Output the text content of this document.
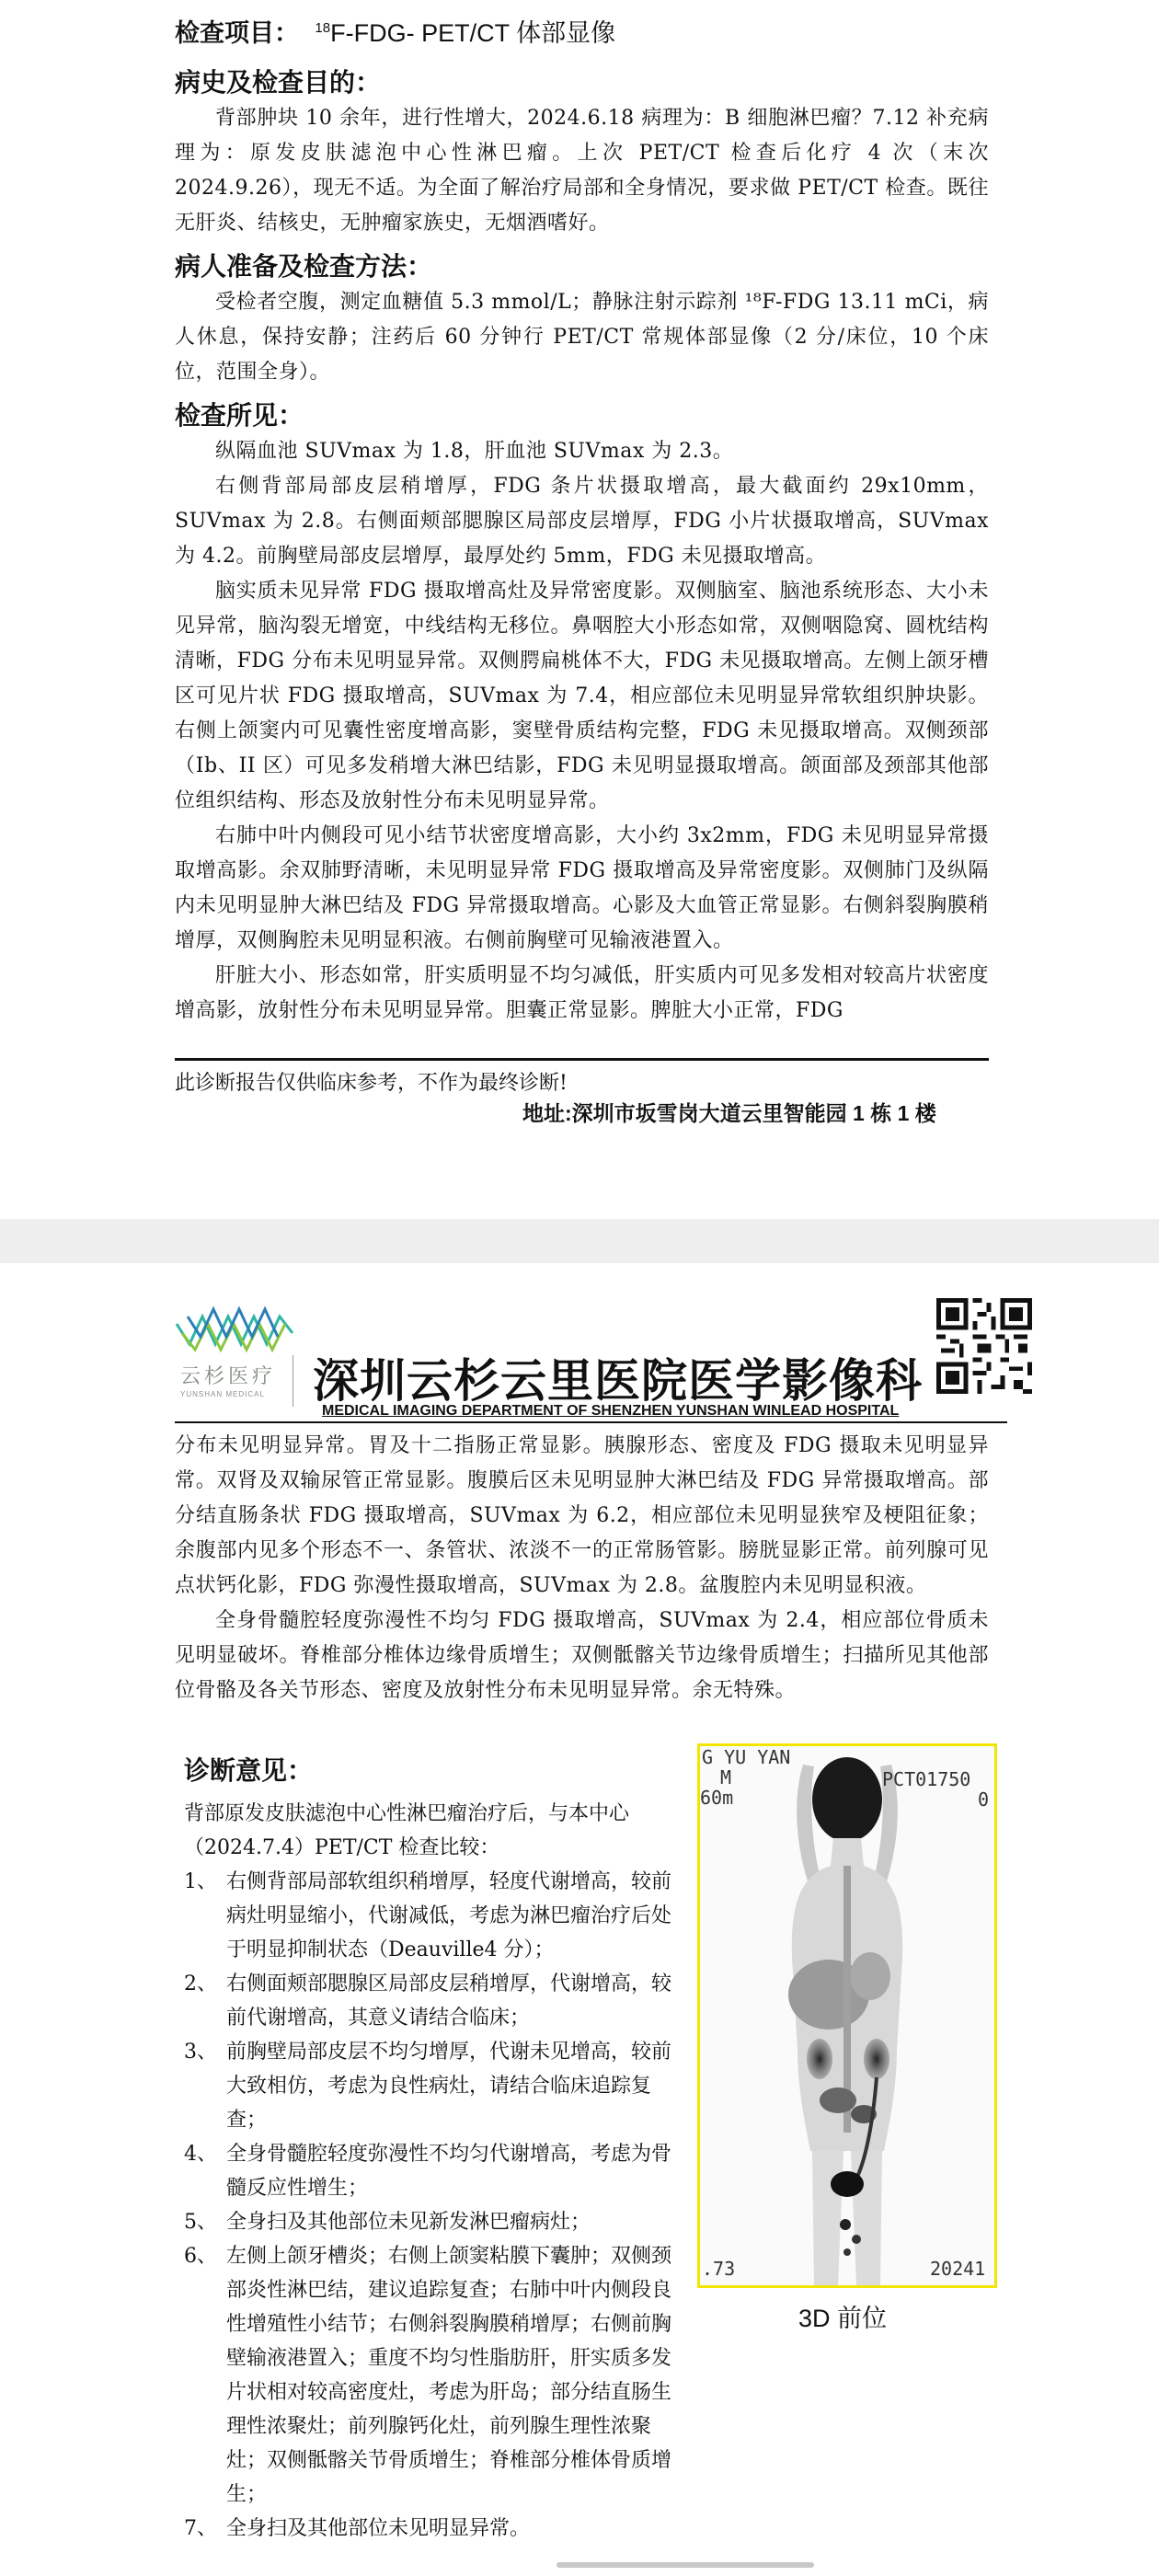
检查项目： $^{18}$F-FDG- PET/CT 体部显像
病史及检查目的：

背部肿块 10 余年，进行性增大，2024.6.18 病理为：B 细胞淋巴瘤？7.12 补充病理为：原发皮肤滤泡中心性淋巴瘤。上次 PET/CT 检查后化疗 4 次（末次 2024.9.26），现无不适。为全面了解治疗局部和全身情况，要求做 PET/CT 检查。既往无肝炎、结核史，无肿瘤家族史，无烟酒嗜好。

病人准备及检查方法：

受检者空腹，测定血糖值 5.3 mmol/L；静脉注射示踪剂 ¹⁸F-FDG 13.11 mCi，病人休息，保持安静；注药后 60 分钟行 PET/CT 常规体部显像（2 分/床位，10 个床位，范围全身）。

检查所见：

纵隔血池 SUVmax 为 1.8，肝血池 SUVmax 为 2.3。

右侧背部局部皮层稍增厚，FDG 条片状摄取增高，最大截面约 29x10mm，SUVmax 为 2.8。右侧面颊部腮腺区局部皮层增厚，FDG 小片状摄取增高，SUVmax 为 4.2。前胸壁局部皮层增厚，最厚处约 5mm，FDG 未见摄取增高。

脑实质未见异常 FDG 摄取增高灶及异常密度影。双侧脑室、脑池系统形态、大小未见异常，脑沟裂无增宽，中线结构无移位。鼻咽腔大小形态如常，双侧咽隐窝、圆枕结构清晰，FDG 分布未见明显异常。双侧腭扁桃体不大，FDG 未见摄取增高。左侧上颌牙槽区可见片状 FDG 摄取增高，SUVmax 为 7.4，相应部位未见明显异常软组织肿块影。右侧上颌窦内可见囊性密度增高影，窦壁骨质结构完整，FDG 未见摄取增高。双侧颈部（Ib、II 区）可见多发稍增大淋巴结影，FDG 未见明显摄取增高。颌面部及颈部其他部位组织结构、形态及放射性分布未见明显异常。

右肺中叶内侧段可见小结节状密度增高影，大小约 3x2mm，FDG 未见明显异常摄取增高影。余双肺野清晰，未见明显异常 FDG 摄取增高及异常密度影。双侧肺门及纵隔内未见明显肿大淋巴结及 FDG 异常摄取增高。心影及大血管正常显影。右侧斜裂胸膜稍增厚，双侧胸腔未见明显积液。右侧前胸壁可见输液港置入。

肝脏大小、形态如常，肝实质明显不均匀减低，肝实质内可见多发相对较高片状密度增高影，放射性分布未见明显异常。胆囊正常显影。脾脏大小正常，FDG

此诊断报告仅供临床参考，不作为最终诊断!
地址:深圳市坂雪岗大道云里智能园 1 栋 1 楼
云杉医疗
YUNSHAN MEDICAL 深圳云杉云里医院医学影像科
MEDICAL IMAGING DEPARTMENT OF SHENZHEN YUNSHAN WINLEAD HOSPITAL

分布未见明显异常。胃及十二指肠正常显影。胰腺形态、密度及 FDG 摄取未见明显异常。双肾及双输尿管正常显影。腹膜后区未见明显肿大淋巴结及 FDG 异常摄取增高。部分结直肠条状 FDG 摄取增高，SUVmax 为 6.2，相应部位未见明显狭窄及梗阻征象；余腹部内见多个形态不一、条管状、浓淡不一的正常肠管影。膀胱显影正常。前列腺可见点状钙化影，FDG 弥漫性摄取增高，SUVmax 为 2.8。盆腹腔内未见明显积液。

全身骨髓腔轻度弥漫性不均匀 FDG 摄取增高，SUVmax 为 2.4，相应部位骨质未见明显破坏。脊椎部分椎体边缘骨质增生；双侧骶髂关节边缘骨质增生；扫描所见其他部位骨骼及各关节形态、密度及放射性分布未见明显异常。余无特殊。

诊断意见：
背部原发皮肤滤泡中心性淋巴瘤治疗后，与本中心（2024.7.4）PET/CT 检查比较：
1、 右侧背部局部软组织稍增厚，轻度代谢增高，较前病灶明显缩小，代谢减低，考虑为淋巴瘤治疗后处于明显抑制状态（Deauville4 分）；
2、 右侧面颊部腮腺区局部皮层稍增厚，代谢增高，较前代谢增高，其意义请结合临床；
3、 前胸壁局部皮层不均匀增厚，代谢未见增高，较前大致相仿，考虑为良性病灶，请结合临床追踪复查；
4、 全身骨髓腔轻度弥漫性不均匀代谢增高，考虑为骨髓反应性增生；
5、 全身扫及其他部位未见新发淋巴瘤病灶；
6、 左侧上颌牙槽炎；右侧上颌窦粘膜下囊肿；双侧颈部炎性淋巴结，建议追踪复查；右肺中叶内侧段良性增殖性小结节；右侧斜裂胸膜稍增厚；右侧前胸壁输液港置入；重度不均匀性脂肪肝，肝实质多发片状相对较高密度灶，考虑为肝岛；部分结直肠生理性浓聚灶；前列腺钙化灶，前列腺生理性浓聚灶；双侧骶髂关节骨质增生；脊椎部分椎体骨质增生；
7、 全身扫及其他部位未见明显异常。
G YU YAN
M
60m
PCT01750
0
.73	20241
3D 前位
